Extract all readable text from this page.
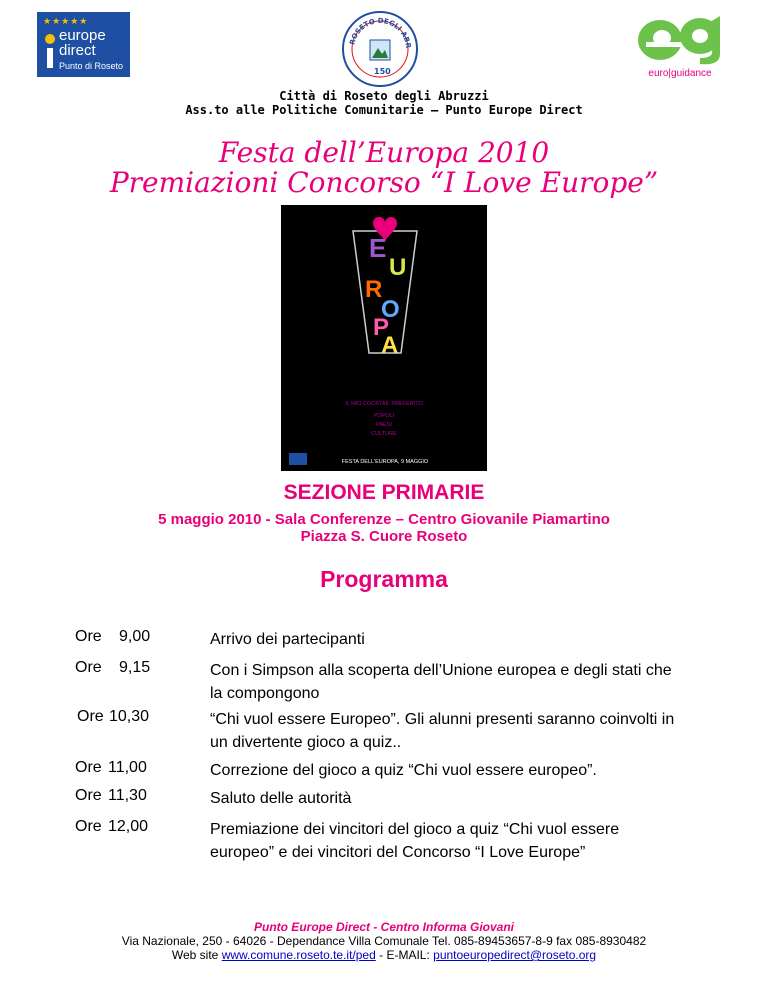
★★★★★
europe
direct
Punto di Roseto
ROSETO DEGLI ABR
150	euro|guidance
Città di Roseto degli Abruzzi
Ass.to alle Politiche Comunitarie – Punto Europe Direct
Festa dell’Europa 2010
Premiazioni Concorso “I Love Europe”
E
U
R
O
P
A
IL MIO COCKTAIL PREFERITO
POPOLI
PAESI
CULTURE
FESTA DELL'EUROPA, 9 MAGGIO
SEZIONE PRIMARIE
5 maggio 2010 - Sala Conferenze – Centro Giovanile Piamartino
Piazza S. Cuore Roseto
Programma
Ore 9,00	Arrivo dei partecipanti
Ore 9,15	Con i Simpson alla scoperta dell’Unione europea e degli stati che la compongono
Ore 10,30	“Chi vuol essere Europeo”. Gli alunni presenti saranno coinvolti in un divertente gioco a quiz..
Ore 11,00	Correzione del gioco a quiz “Chi vuol essere europeo”.
Ore 11,30	Saluto delle autorità
Ore 12,00	Premiazione dei vincitori del gioco a quiz “Chi vuol essere europeo” e dei vincitori del Concorso “I Love Europe”
Punto Europe Direct - Centro Informa Giovani
Via Nazionale, 250 - 64026 - Dependance Villa Comunale Tel. 085-89453657-8-9 fax 085-8930482
Web site www.comune.roseto.te.it/ped - E-MAIL: puntoeuropedirect@roseto.org
